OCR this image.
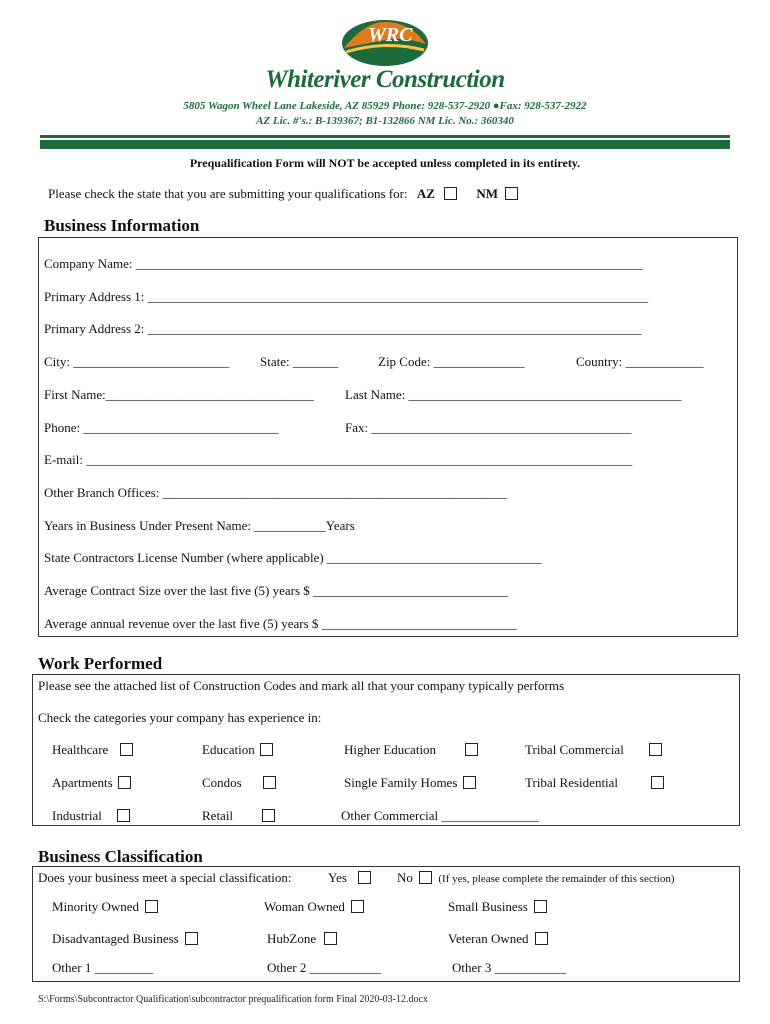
WRC
Whiteriver Construction
5805 Wagon Wheel Lane Lakeside, AZ 85929 Phone: 928-537-2920 ●Fax: 928-537-2922
AZ Lic. #'s.: B-139367; B1-132866 NM Lic. No.: 360340
Prequalification Form will NOT be accepted unless completed in its entirety.
Please check the state that you are submitting your qualifications for: AZ	NM
Business Information
Company Name: ______________________________________________________________________________
Primary Address 1: _____________________________________________________________________________
Primary Address 2: ____________________________________________________________________________
City: ________________________ State: _______	Zip Code: ______________	Country: ____________
First Name:________________________________ Last Name: __________________________________________
Phone: ______________________________	Fax: ________________________________________
E-mail: ____________________________________________________________________________________
Other Branch Offices: _____________________________________________________
Years in Business Under Present Name: ___________Years
State Contractors License Number (where applicable) _________________________________
Average Contract Size over the last five (5) years $ ______________________________
Average annual revenue over the last five (5) years $ ______________________________
Work Performed
Please see the attached list of Construction Codes and mark all that your company typically performs
Check the categories your company has experience in:
Healthcare	Education	Higher Education	Tribal Commercial
Apartments	Condos	Single Family Homes	Tribal Residential
Industrial	Retail	Other Commercial _______________
Business Classification
Does your business meet a special classification:	Yes	No (If yes, please complete the remainder of this section)
Minority Owned	Woman Owned	Small Business
Disadvantaged Business	HubZone	Veteran Owned
Other 1 _________	Other 2 ___________	Other 3 ___________
S:\Forms\Subcontractor Qualification\subcontractor prequalification form Final 2020-03-12.docx
